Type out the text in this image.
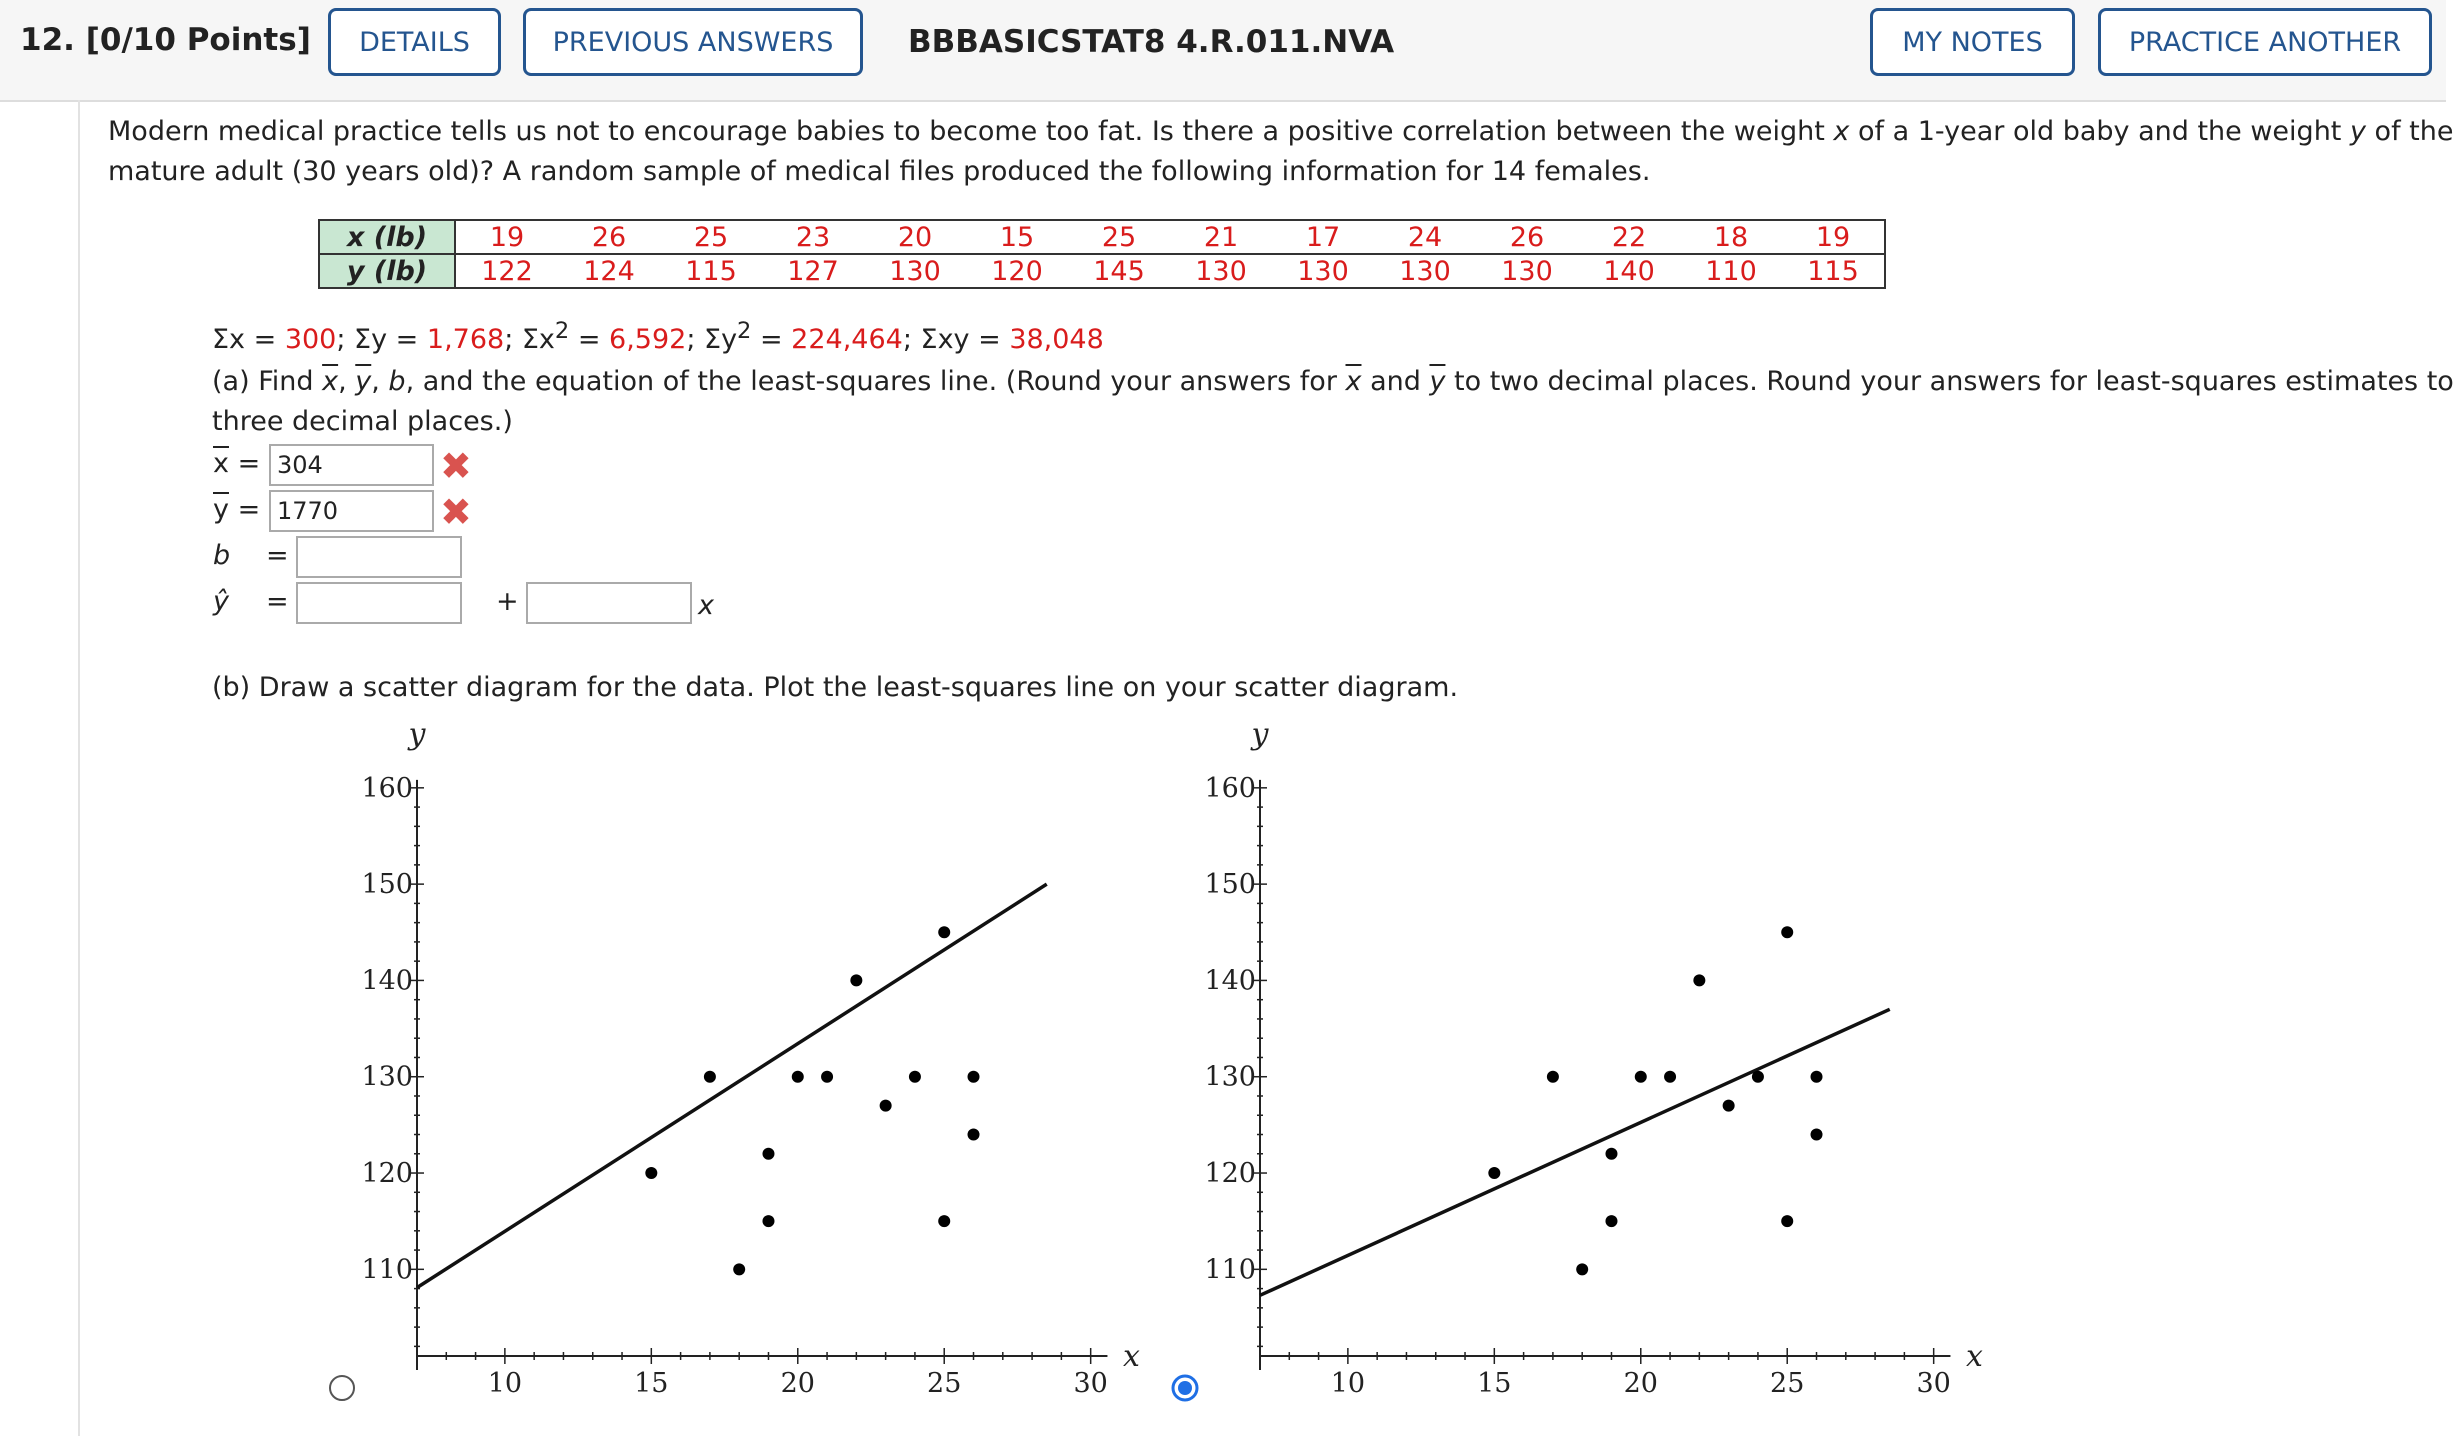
12. [0/10 Points]	DETAILS	PREVIOUS ANSWERS	BBBASICSTAT8 4.R.011.NVA	MY NOTES	PRACTICE ANOTHER
Modern medical practice tells us not to encourage babies to become too fat. Is there a positive correlation between the weight x of a 1-year old baby and the weight y of the
mature adult (30 years old)? A random sample of medical files produced the following information for 14 females.
x (lb)	19 26 25 23 20 15 25 21 17 24 26 22 18 19
y (lb)	122 124 115 127 130 120 145 130 130 130 130 140 110 115
Σx = 300; Σy = 1,768; $\Sigma x^2 = 6,592$; $\Sigma y^2 = 224,464$; Σxy = 38,048
(a) Find $\overline{x}$, $\overline{y}$, b, and the equation of the least-squares line. (Round your answers for $\overline{x}$ and $\overline{y}$ to two decimal places. Round your answers for least-squares estimates to
three decimal places.)
$\overline{x}$ =
304	✖
$\overline{y}$ =
1770	✖
b =
ŷ =	+	x
(b) Draw a scatter diagram for the data. Plot the least-squares line on your scatter diagram.
10	15	20	25	30
110
120
130
140
150
160
y
x
10	15	20	25	30
110
120
130
140
150
160
y
x
